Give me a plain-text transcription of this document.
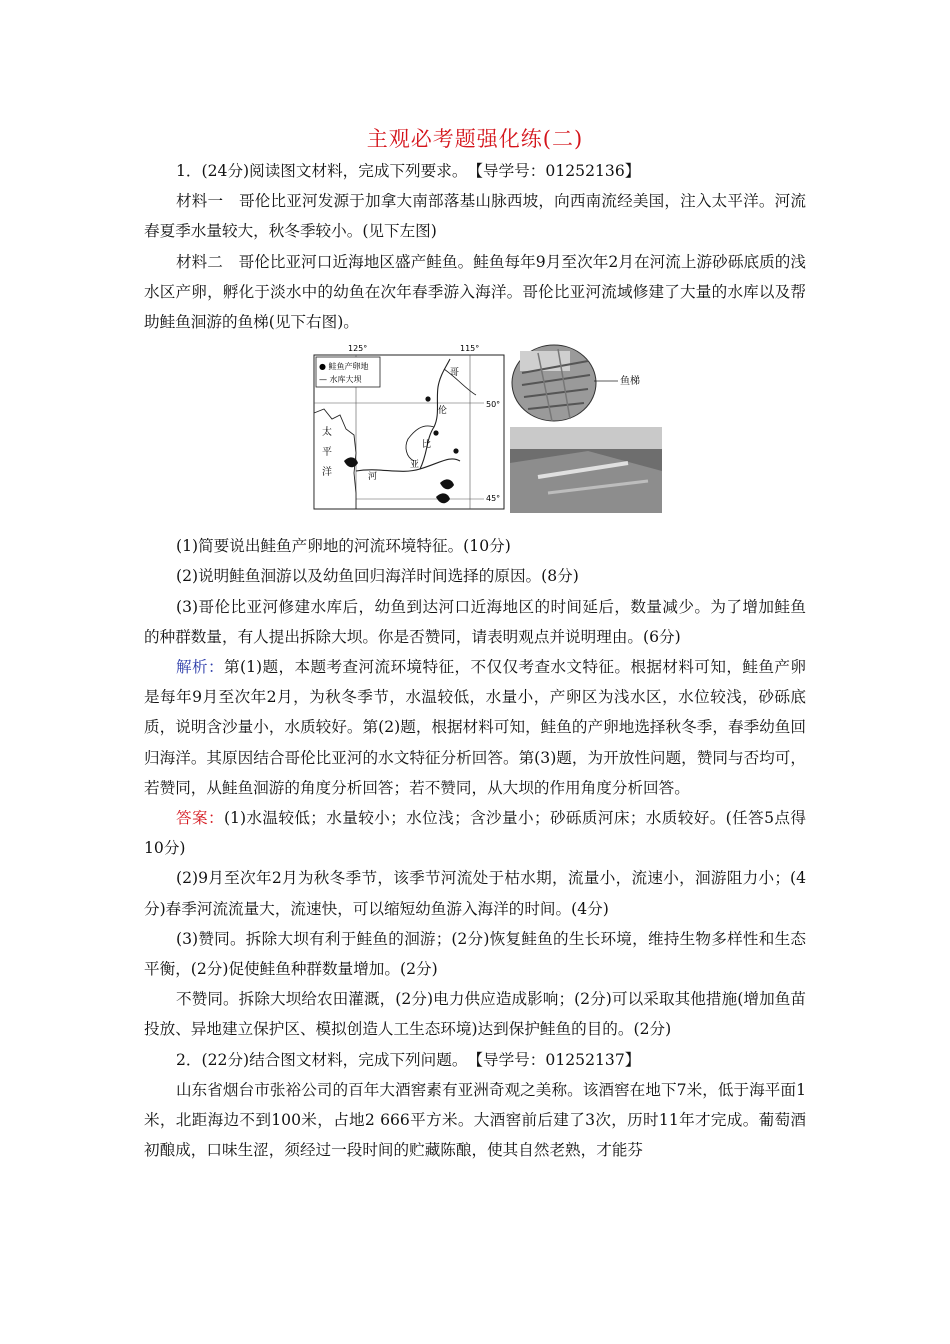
主观必考题强化练(二)

1．(24分)阅读图文材料，完成下列要求。　【导学号：01252136】

材料一　哥伦比亚河发源于加拿大南部落基山脉西坡，向西南流经美国，注入太平洋。河流春夏季水量较大，秋冬季较小。(见下左图)

材料二　哥伦比亚河口近海地区盛产鲑鱼。鲑鱼每年9月至次年2月在河流上游砂砾底质的浅水区产卵，孵化于淡水中的幼鱼在次年春季游入海洋。哥伦比亚河流域修建了大量的水库以及帮助鲑鱼洄游的鱼梯(见下右图)。

125°	115°
50°
45°
● 鲑鱼产卵地
— 水库大坝
太
平
洋
哥
伦
比
亚
河
鱼梯

(1)简要说出鲑鱼产卵地的河流环境特征。(10分)

(2)说明鲑鱼洄游以及幼鱼回归海洋时间选择的原因。(8分)

(3)哥伦比亚河修建水库后，幼鱼到达河口近海地区的时间延后，数量减少。为了增加鲑鱼的种群数量，有人提出拆除大坝。你是否赞同，请表明观点并说明理由。(6分)

解析：第(1)题，本题考查河流环境特征，不仅仅考查水文特征。根据材料可知，鲑鱼产卵是每年9月至次年2月，为秋冬季节，水温较低，水量小，产卵区为浅水区，水位较浅，砂砾底质，说明含沙量小，水质较好。第(2)题，根据材料可知，鲑鱼的产卵地选择秋冬季，春季幼鱼回归海洋。其原因结合哥伦比亚河的水文特征分析回答。第(3)题，为开放性问题，赞同与否均可，若赞同，从鲑鱼洄游的角度分析回答；若不赞同，从大坝的作用角度分析回答。

答案：(1)水温较低；水量较小；水位浅；含沙量小；砂砾质河床；水质较好。(任答5点得10分)

(2)9月至次年2月为秋冬季节，该季节河流处于枯水期，流量小，流速小，洄游阻力小；(4分)春季河流流量大，流速快，可以缩短幼鱼游入海洋的时间。(4分)

(3)赞同。拆除大坝有利于鲑鱼的洄游；(2分)恢复鲑鱼的生长环境，维持生物多样性和生态平衡，(2分)促使鲑鱼种群数量增加。(2分)

不赞同。拆除大坝给农田灌溉，(2分)电力供应造成影响；(2分)可以采取其他措施(增加鱼苗投放、异地建立保护区、模拟创造人工生态环境)达到保护鲑鱼的目的。(2分)

2．(22分)结合图文材料，完成下列问题。　【导学号：01252137】

山东省烟台市张裕公司的百年大酒窖素有亚洲奇观之美称。该酒窖在地下7米，低于海平面1米，北距海边不到100米，占地2 666平方米。大酒窖前后建了3次，历时11年才完成。葡萄酒初酿成，口味生涩，须经过一段时间的贮藏陈酿，使其自然老熟，才能芬
